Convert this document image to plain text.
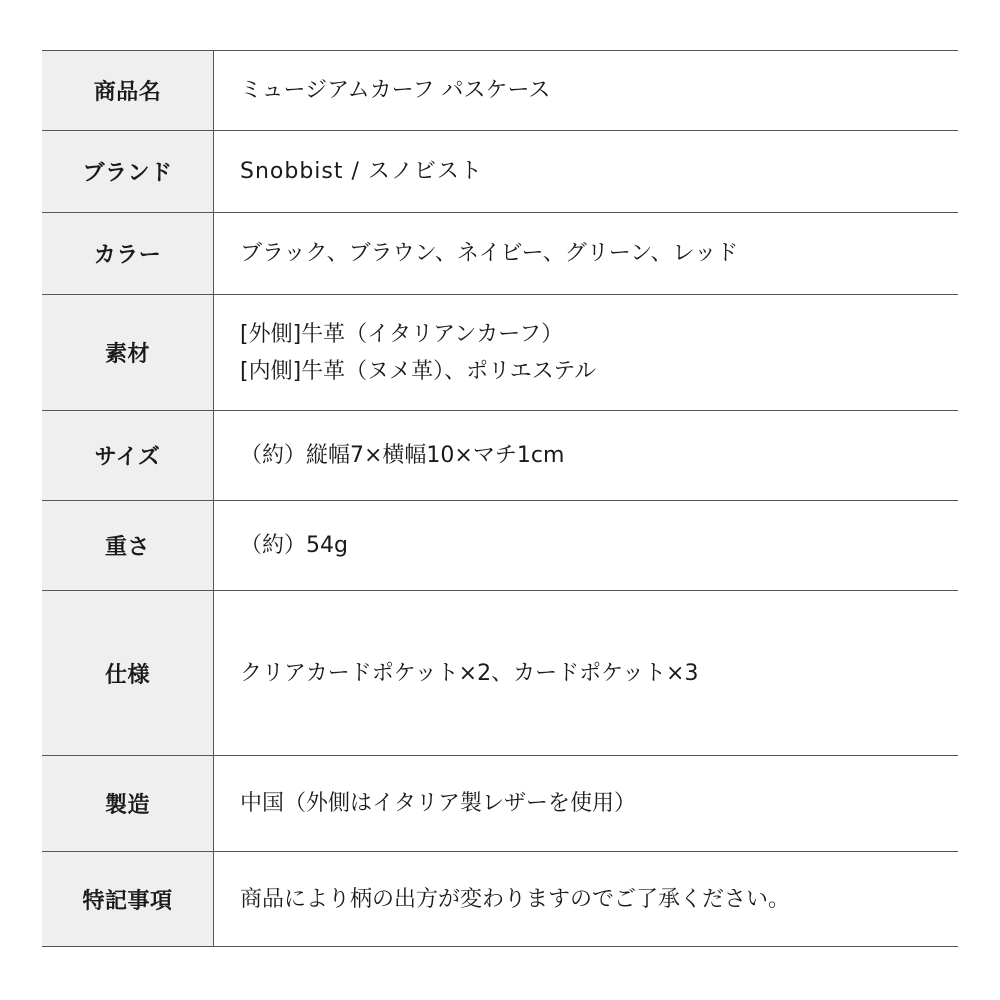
商品名	ミュージアムカーフ パスケース
ブランド	Snobbist / スノビスト
カラー	ブラック、ブラウン、ネイビー、グリーン、レッド
素材	[外側]牛革（イタリアンカーフ）
[内側]牛革（ヌメ革）、ポリエステル

サイズ	（約）縦幅7×横幅10×マチ1cm
重さ	（約）54g
仕様	クリアカードポケット×2、カードポケット×3
製造	中国（外側はイタリア製レザーを使用）
特記事項	商品により柄の出方が変わりますのでご了承ください。
